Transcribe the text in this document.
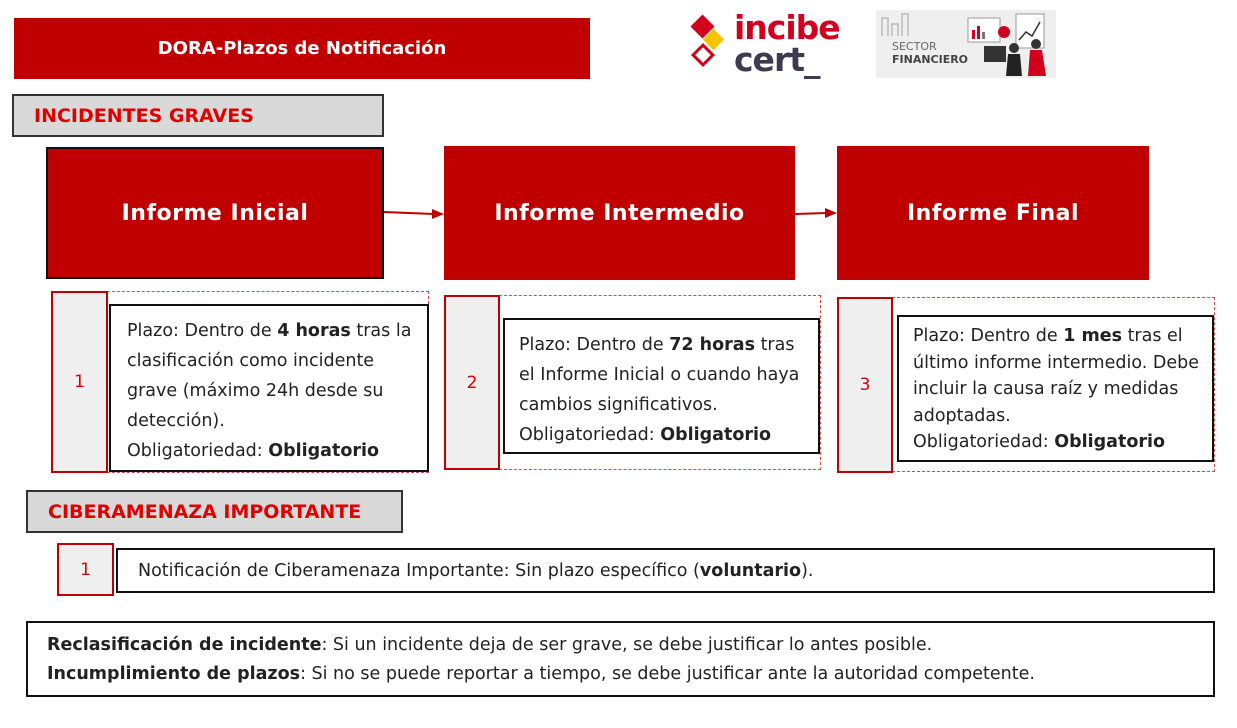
DORA-Plazos de Notificación
incibe
cert_	SECTOR
FINANCIERO
INCIDENTES GRAVES
Informe Inicial	Informe Intermedio	Informe Final
1	2	3
Plazo: Dentro de 4 horas tras la clasificación como incidente grave (máximo 24h desde su detección).
Obligatoriedad: Obligatorio
Plazo: Dentro de 72 horas tras el Informe Inicial o cuando haya cambios significativos.
Obligatoriedad: Obligatorio
Plazo: Dentro de 1 mes tras el último informe intermedio. Debe incluir la causa raíz y medidas adoptadas.
Obligatoriedad: Obligatorio
CIBERAMENAZA IMPORTANTE
1	Notificación de Ciberamenaza Importante: Sin plazo específico (voluntario).
Reclasificación de incidente: Si un incidente deja de ser grave, se debe justificar lo antes posible.
Incumplimiento de plazos: Si no se puede reportar a tiempo, se debe justificar ante la autoridad competente.
